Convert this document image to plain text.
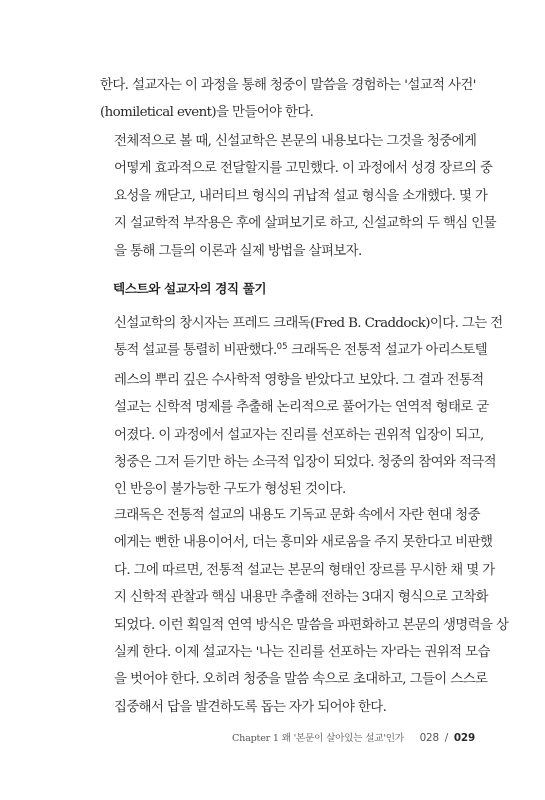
한다. 설교자는 이 과정을 통해 청중이 말씀을 경험하는 '설교적 사건'
(homiletical event)을 만들어야 한다.

전체적으로 볼 때, 신설교학은 본문의 내용보다는 그것을 청중에게
어떻게 효과적으로 전달할지를 고민했다. 이 과정에서 성경 장르의 중
요성을 깨닫고, 내러티브 형식의 귀납적 설교 형식을 소개했다. 몇 가
지 설교학적 부작용은 후에 살펴보기로 하고, 신설교학의 두 핵심 인물
을 통해 그들의 이론과 실제 방법을 살펴보자.

텍스트와 설교자의 경직 풀기

신설교학의 창시자는 프레드 크래독(Fred B. Craddock)이다. 그는 전
통적 설교를 통렬히 비판했다.$^{05}$ 크래독은 전통적 설교가 아리스토텔
레스의 뿌리 깊은 수사학적 영향을 받았다고 보았다. 그 결과 전통적
설교는 신학적 명제를 추출해 논리적으로 풀어가는 연역적 형태로 굳
어졌다. 이 과정에서 설교자는 진리를 선포하는 권위적 입장이 되고,
청중은 그저 듣기만 하는 소극적 입장이 되었다. 청중의 참여와 적극적
인 반응이 불가능한 구도가 형성된 것이다.

크래독은 전통적 설교의 내용도 기독교 문화 속에서 자란 현대 청중
에게는 뻔한 내용이어서, 더는 흥미와 새로움을 주지 못한다고 비판했
다. 그에 따르면, 전통적 설교는 본문의 형태인 장르를 무시한 채 몇 가
지 신학적 관찰과 핵심 내용만 추출해 전하는 3대지 형식으로 고착화
되었다. 이런 획일적 연역 방식은 말씀을 파편화하고 본문의 생명력을 상
실케 한다. 이제 설교자는 '나는 진리를 선포하는 자'라는 권위적 모습
을 벗어야 한다. 오히려 청중을 말씀 속으로 초대하고, 그들이 스스로
집중해서 답을 발견하도록 돕는 자가 되어야 한다.

Chapter 1 왜 '본문이 살아있는 설교'인가 028 / 029
